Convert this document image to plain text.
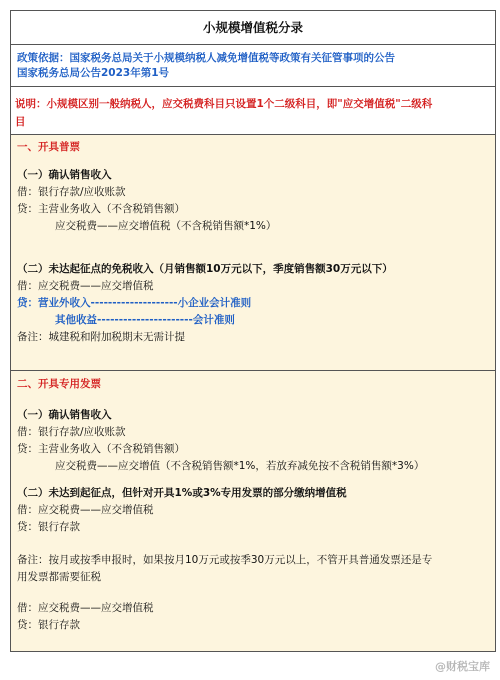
小规模增值税分录
政策依据：国家税务总局关于小规模纳税人减免增值税等政策有关征管事项的公告
国家税务总局公告2023年第1号
说明：小规模区别一般纳税人，应交税费科目只设置1个二级科目，即"应交增值税"二级科
目
一、开具普票
（一）确认销售收入
借：银行存款/应收账款
贷：主营业务收入（不含税销售额）
应交税费——应交增值税（不含税销售额*1%）
（二）未达起征点的免税收入（月销售额10万元以下，季度销售额30万元以下）
借：应交税费——应交增值税
贷：营业外收入--------------------小企业会计准则
其他收益----------------------会计准则
备注：城建税和附加税期末无需计提
二、开具专用发票
（一）确认销售收入
借：银行存款/应收账款
贷：主营业务收入（不含税销售额）
应交税费——应交增值（不含税销售额*1%，若放弃减免按不含税销售额*3%）
（二）未达到起征点，但针对开具1%或3%专用发票的部分缴纳增值税
借：应交税费——应交增值税
贷：银行存款
备注：按月或按季申报时，如果按月10万元或按季30万元以上，不管开具普通发票还是专
用发票都需要征税
借：应交税费——应交增值税
贷：银行存款
@财税宝库
